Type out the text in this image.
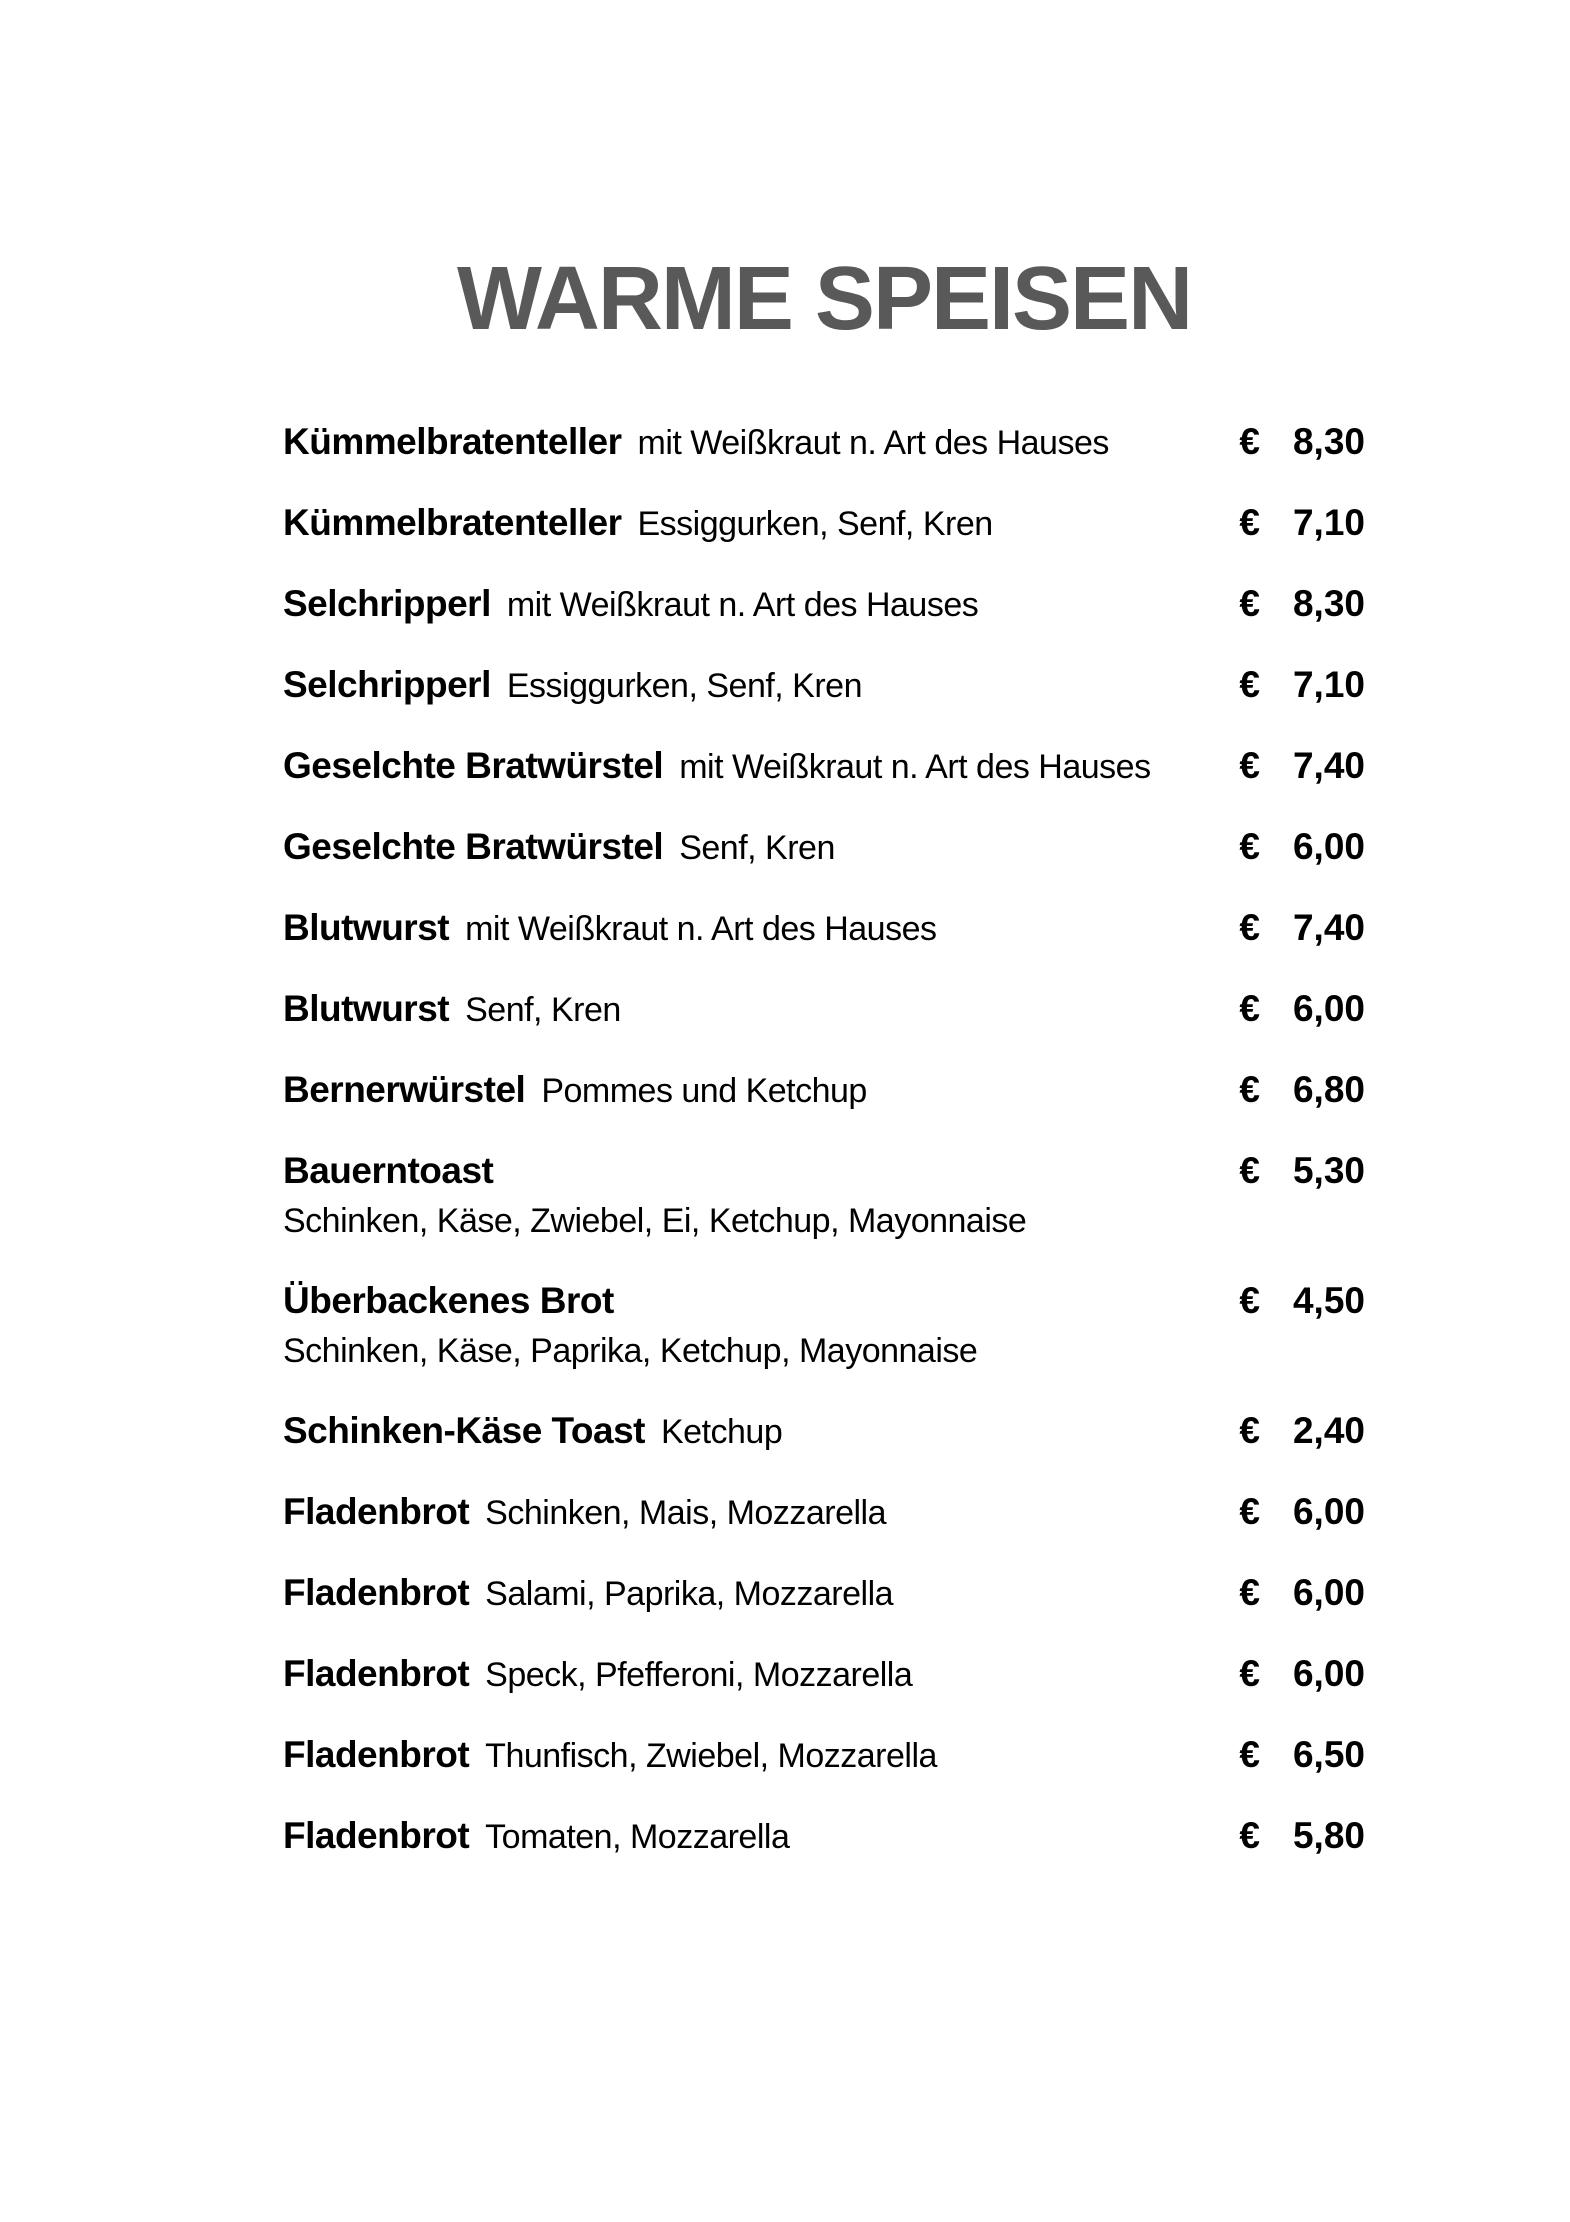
WARME SPEISEN
Kümmelbratenteller mit Weißkraut n. Art des Hauses	€ 8,30
Kümmelbratenteller Essiggurken, Senf, Kren	€ 7,10
Selchripperl mit Weißkraut n. Art des Hauses	€ 8,30
Selchripperl Essiggurken, Senf, Kren	€ 7,10
Geselchte Bratwürstel mit Weißkraut n. Art des Hauses € 7,40
Geselchte Bratwürstel Senf, Kren	€ 6,00
Blutwurst mit Weißkraut n. Art des Hauses	€ 7,40
Blutwurst Senf, Kren	€ 6,00
Bernerwürstel Pommes und Ketchup	€ 6,80
Bauerntoast	€ 5,30
Schinken, Käse, Zwiebel, Ei, Ketchup, Mayonnaise
Überbackenes Brot	€ 4,50
Schinken, Käse, Paprika, Ketchup, Mayonnaise
Schinken-Käse Toast Ketchup	€ 2,40
Fladenbrot Schinken, Mais, Mozzarella	€ 6,00
Fladenbrot Salami, Paprika, Mozzarella	€ 6,00
Fladenbrot Speck, Pfefferoni, Mozzarella	€ 6,00
Fladenbrot Thunfisch, Zwiebel, Mozzarella	€ 6,50
Fladenbrot Tomaten, Mozzarella	€ 5,80
